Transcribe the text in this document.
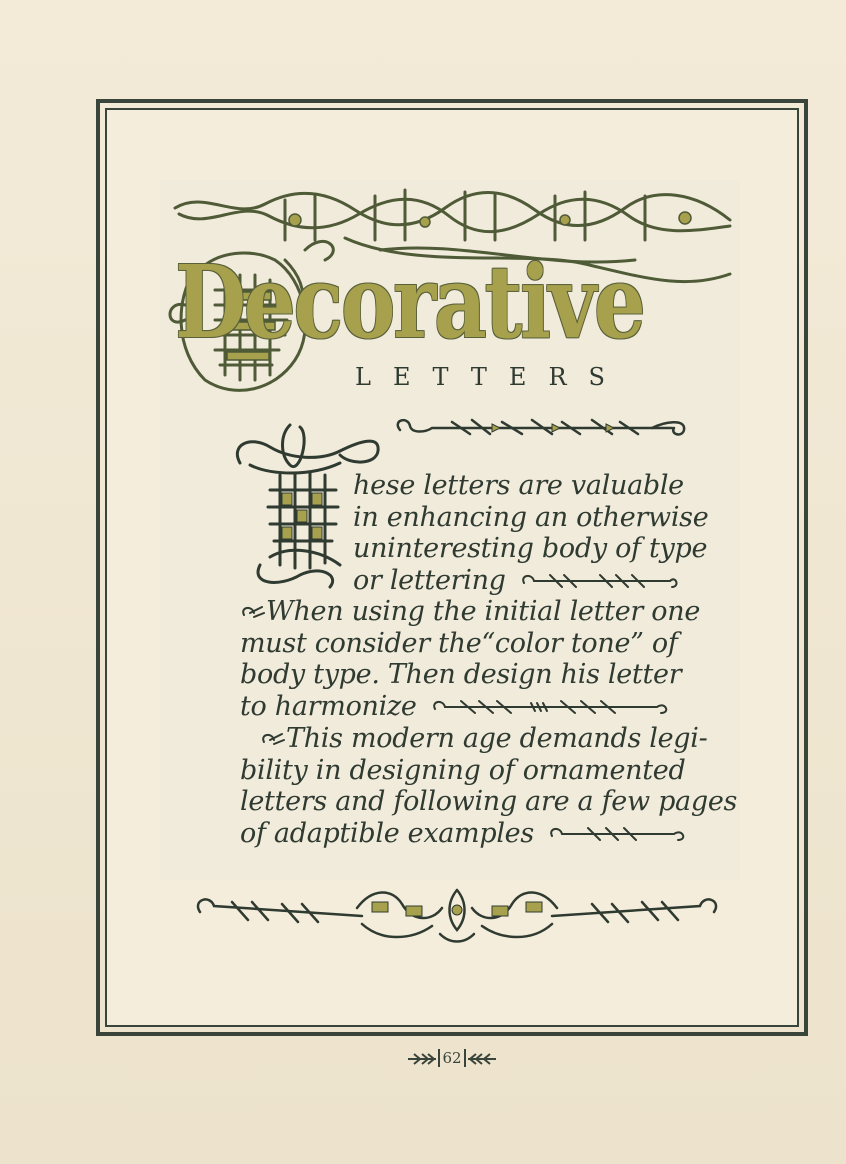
Decorative
LETTERS
hese letters are valuable
in enhancing an otherwise
uninteresting body of type
or lettering
When using the initial letter one
must consider the“color tone” of
body type. Then design his letter
to harmonize
This modern age demands legi-
bility in designing of ornamented
letters and following are a few pages
of adaptible examples
62
